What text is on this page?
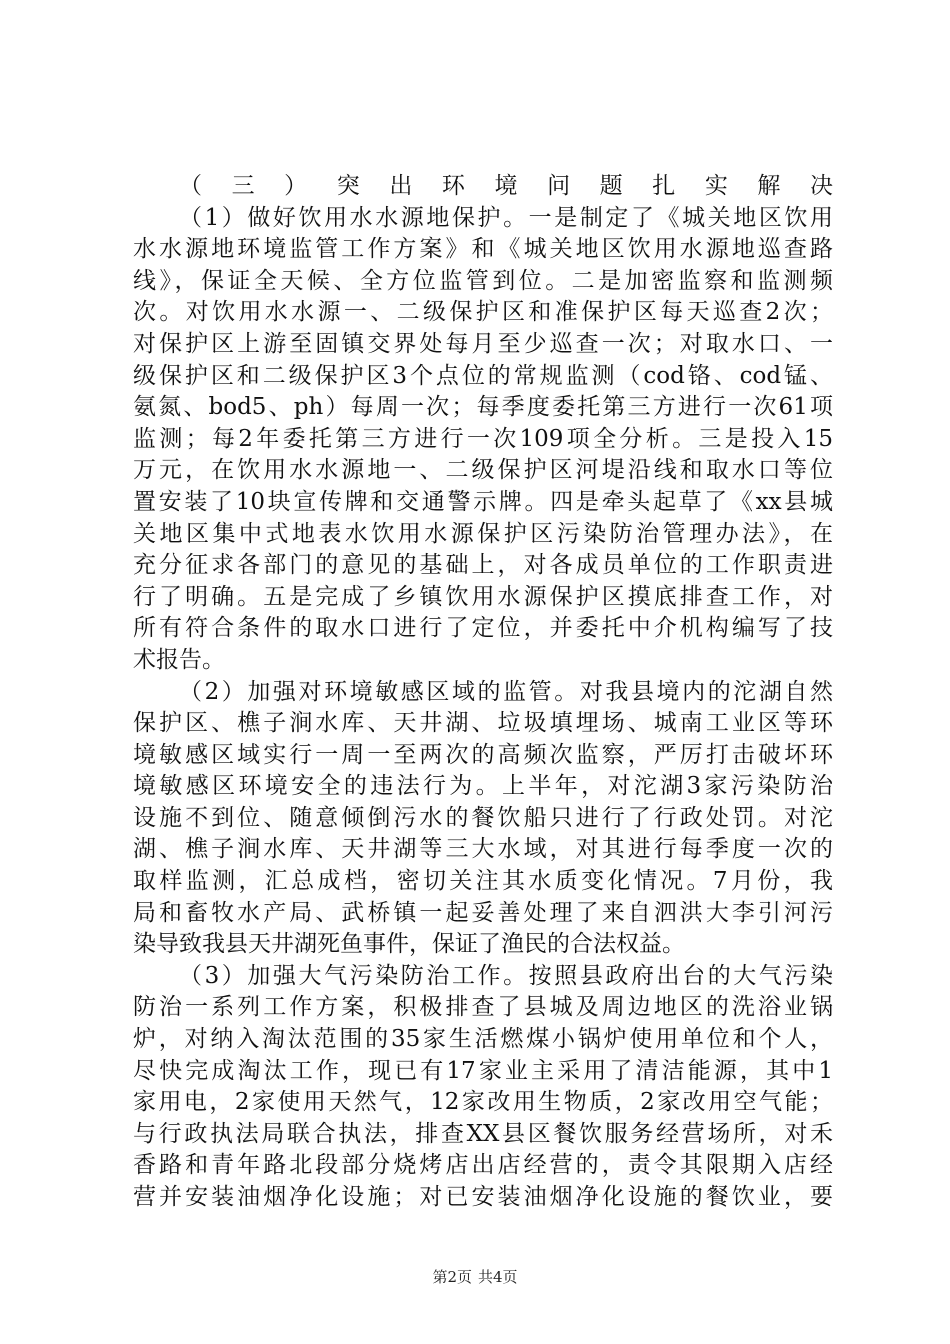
（三）突出环境问题扎实解决
（1）做好饮用水水源地保护。一是制定了《城关地区饮用
水水源地环境监管工作方案》和《城关地区饮用水源地巡查路
线》，保证全天候、全方位监管到位。二是加密监察和监测频
次。对饮用水水源一、二级保护区和准保护区每天巡查2次；
对保护区上游至固镇交界处每月至少巡查一次；对取水口、一
级保护区和二级保护区3个点位的常规监测（cod铬、cod锰、
氨氮、bod5、ph）每周一次；每季度委托第三方进行一次61项
监测；每2年委托第三方进行一次109项全分析。三是投入15
万元，在饮用水水源地一、二级保护区河堤沿线和取水口等位
置安装了10块宣传牌和交通警示牌。四是牵头起草了《xx县城
关地区集中式地表水饮用水源保护区污染防治管理办法》，在
充分征求各部门的意见的基础上，对各成员单位的工作职责进
行了明确。五是完成了乡镇饮用水源保护区摸底排查工作，对
所有符合条件的取水口进行了定位，并委托中介机构编写了技
术报告。
（2）加强对环境敏感区域的监管。对我县境内的沱湖自然
保护区、樵子涧水库、天井湖、垃圾填埋场、城南工业区等环
境敏感区域实行一周一至两次的高频次监察，严厉打击破坏环
境敏感区环境安全的违法行为。上半年，对沱湖3家污染防治
设施不到位、随意倾倒污水的餐饮船只进行了行政处罚。对沱
湖、樵子涧水库、天井湖等三大水域，对其进行每季度一次的
取样监测，汇总成档，密切关注其水质变化情况。7月份，我
局和畜牧水产局、武桥镇一起妥善处理了来自泗洪大李引河污
染导致我县天井湖死鱼事件，保证了渔民的合法权益。
（3）加强大气污染防治工作。按照县政府出台的大气污染
防治一系列工作方案，积极排查了县城及周边地区的洗浴业锅
炉，对纳入淘汰范围的35家生活燃煤小锅炉使用单位和个人，
尽快完成淘汰工作，现已有17家业主采用了清洁能源，其中1
家用电，2家使用天然气，12家改用生物质，2家改用空气能；
与行政执法局联合执法，排查XX县区餐饮服务经营场所，对禾
香路和青年路北段部分烧烤店出店经营的，责令其限期入店经
营并安装油烟净化设施；对已安装油烟净化设施的餐饮业，要
第2页 共4页
